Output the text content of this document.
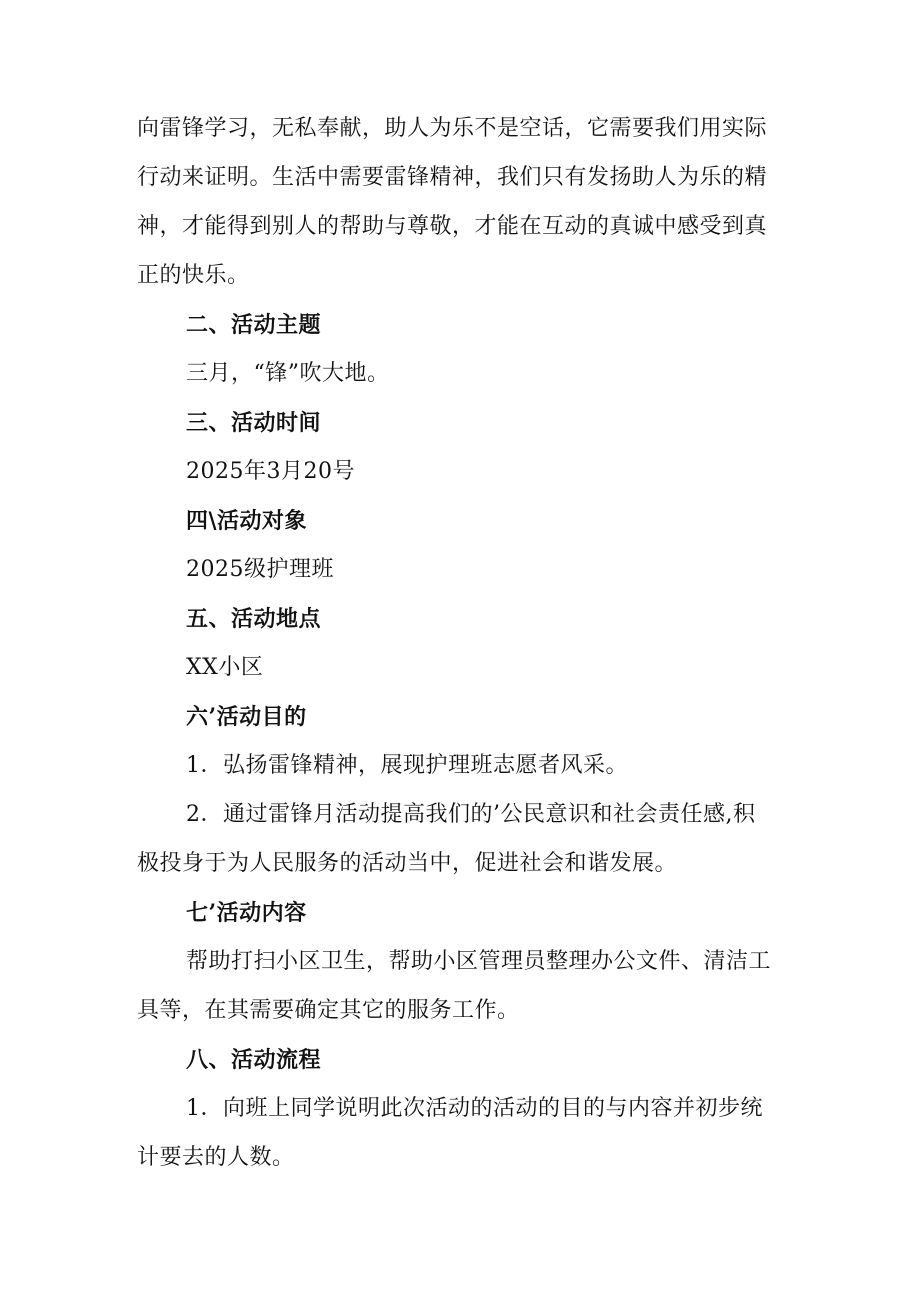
向雷锋学习，无私奉献，助人为乐不是空话，它需要我们用实际
行动来证明。生活中需要雷锋精神，我们只有发扬助人为乐的精
神，才能得到别人的帮助与尊敬，才能在互动的真诚中感受到真
正的快乐。
二、活动主题
三月，“锋”吹大地。
三、活动时间
2025年3月20号
四\活动对象
2025级护理班
五、活动地点
XX小区
六’活动目的
1．弘扬雷锋精神，展现护理班志愿者风采。
2．通过雷锋月活动提高我们的’公民意识和社会责任感,积
极投身于为人民服务的活动当中，促进社会和谐发展。
七’活动内容
帮助打扫小区卫生，帮助小区管理员整理办公文件、清洁工
具等，在其需要确定其它的服务工作。
八、活动流程
1．向班上同学说明此次活动的活动的目的与内容并初步统
计要去的人数。
